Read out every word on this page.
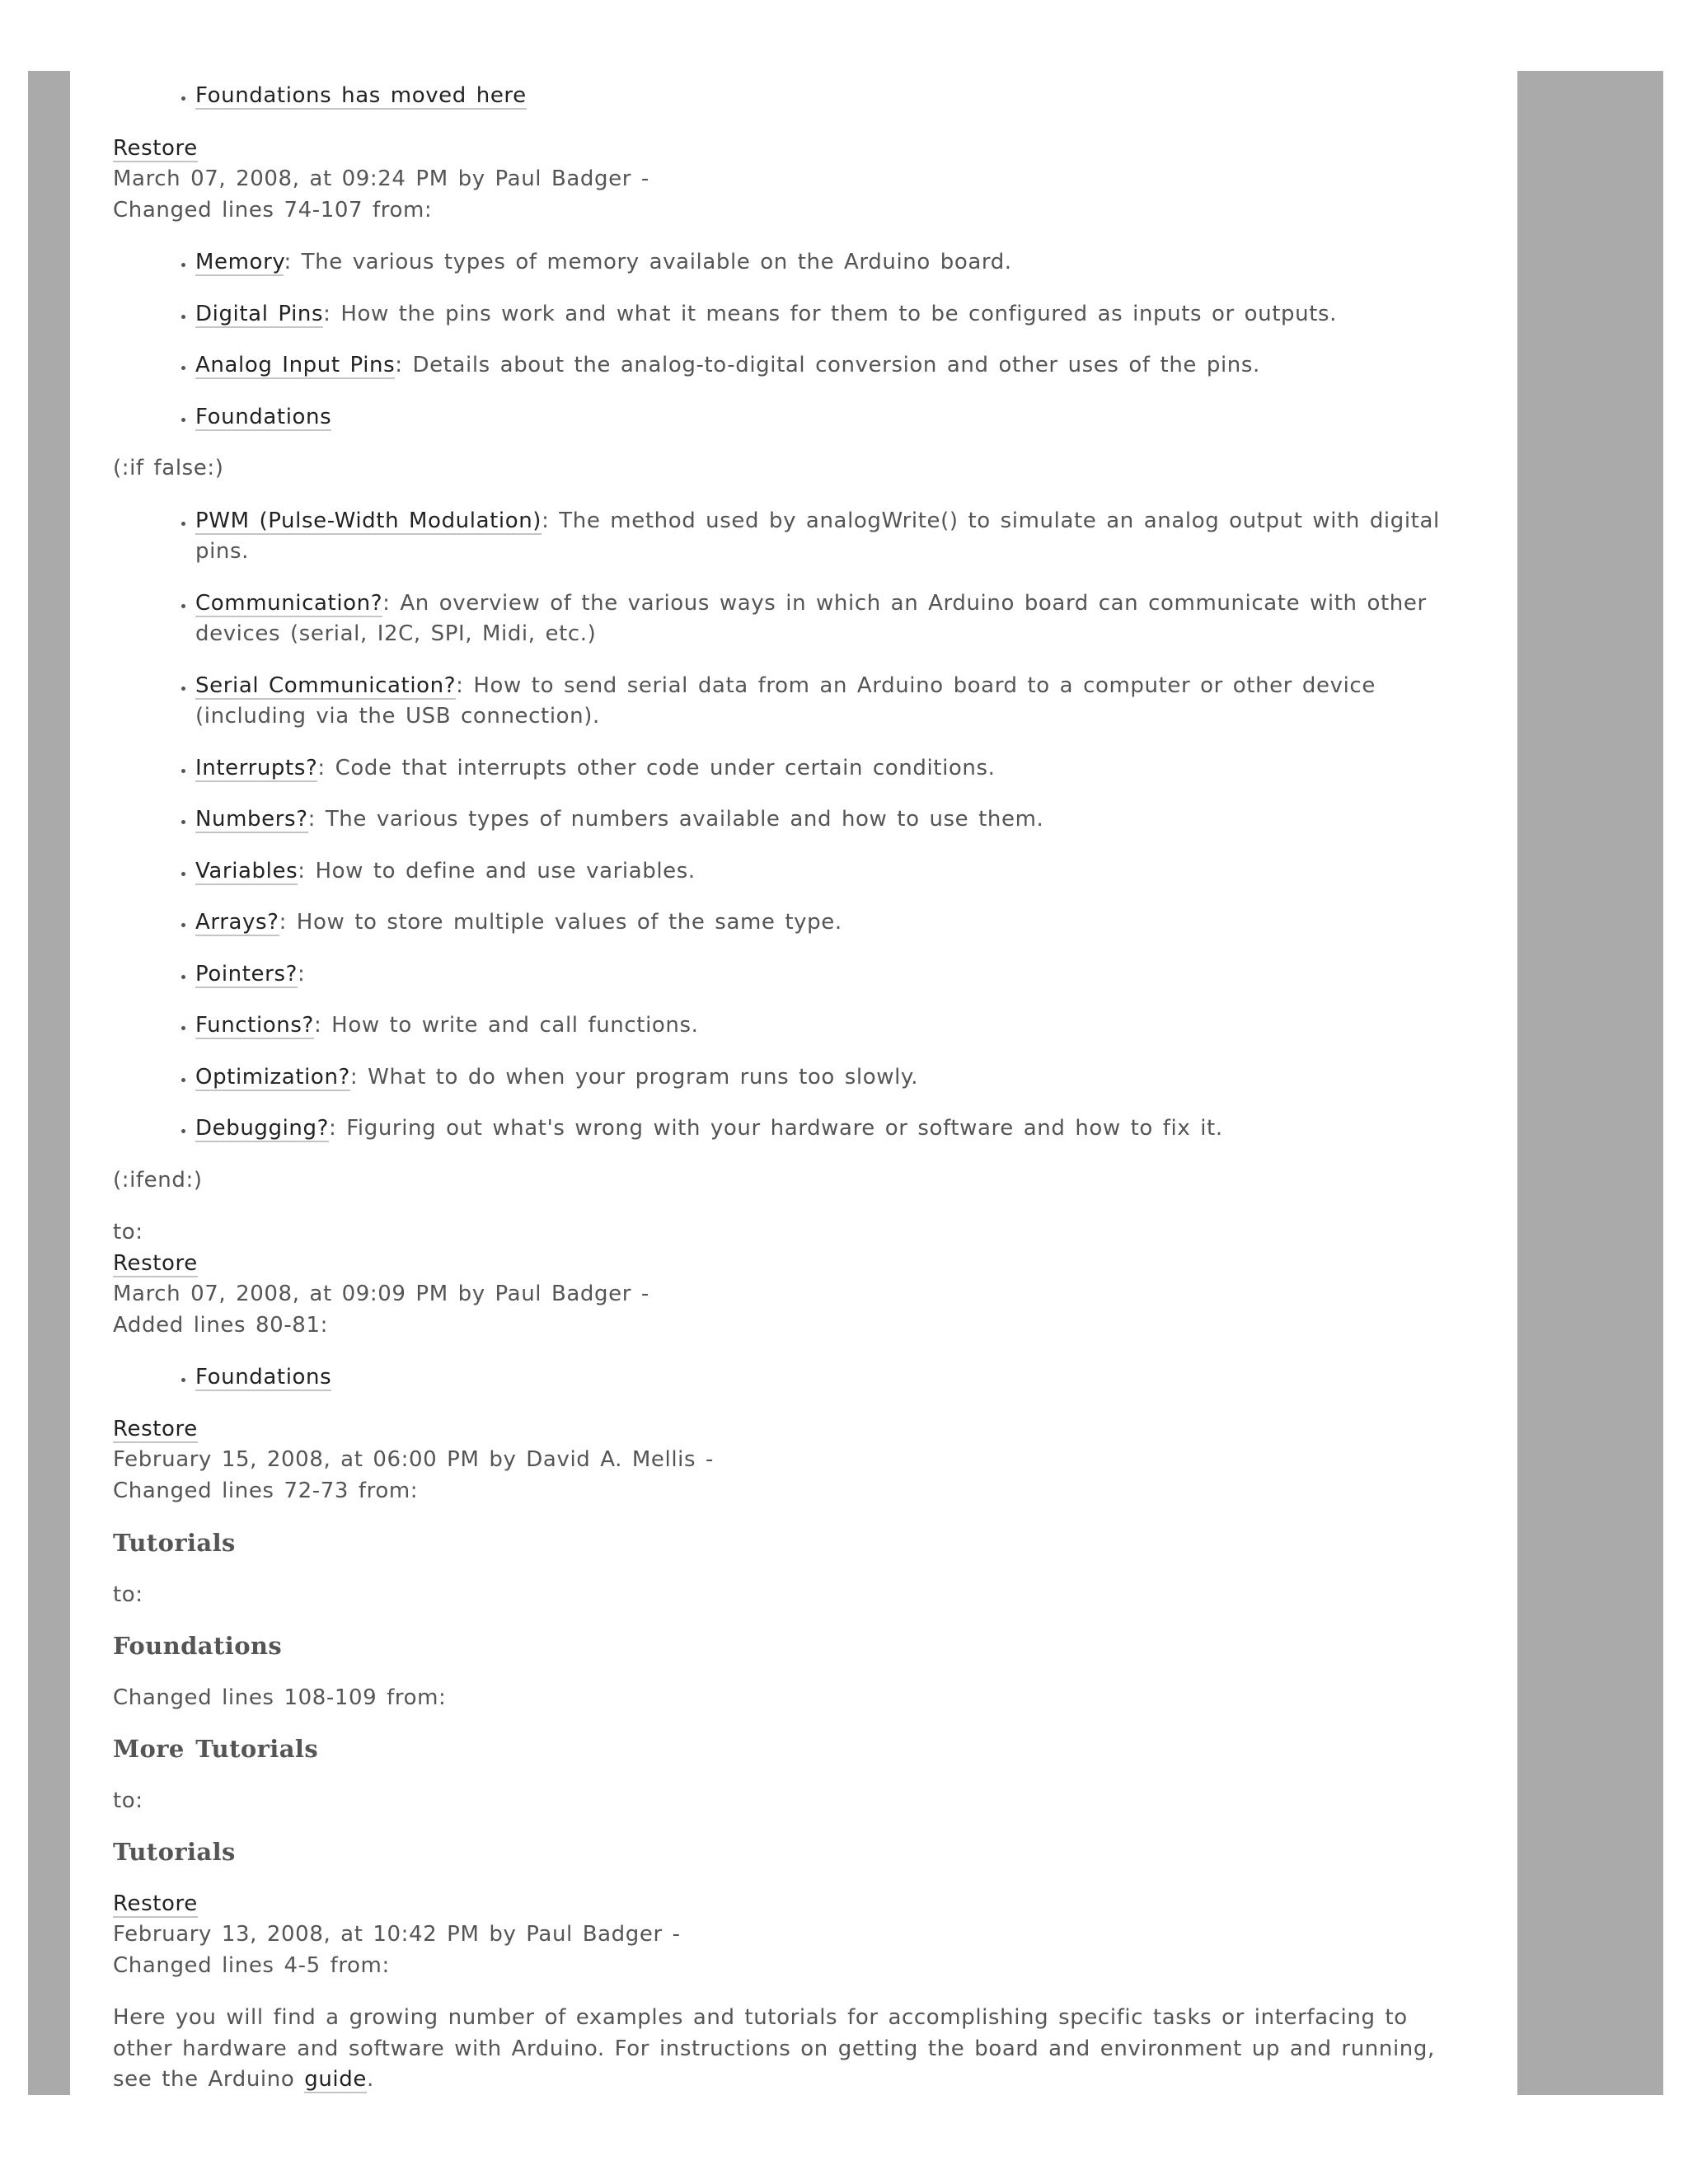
• Foundations has moved here
Restore
March 07, 2008, at 09:24 PM by Paul Badger -
Changed lines 74-107 from:
• Memory: The various types of memory available on the Arduino board.
• Digital Pins: How the pins work and what it means for them to be configured as inputs or outputs.
• Analog Input Pins: Details about the analog-to-digital conversion and other uses of the pins.
• Foundations
(:if false:)
• PWM (Pulse-Width Modulation): The method used by analogWrite() to simulate an analog output with digital pins.
• Communication?: An overview of the various ways in which an Arduino board can communicate with other devices (serial, I2C, SPI, Midi, etc.)
• Serial Communication?: How to send serial data from an Arduino board to a computer or other device (including via the USB connection).
• Interrupts?: Code that interrupts other code under certain conditions.
• Numbers?: The various types of numbers available and how to use them.
• Variables: How to define and use variables.
• Arrays?: How to store multiple values of the same type.
• Pointers?:
• Functions?: How to write and call functions.
• Optimization?: What to do when your program runs too slowly.
• Debugging?: Figuring out what's wrong with your hardware or software and how to fix it.
(:ifend:)
to:
Restore
March 07, 2008, at 09:09 PM by Paul Badger -
Added lines 80-81:
• Foundations
Restore
February 15, 2008, at 06:00 PM by David A. Mellis -
Changed lines 72-73 from:
Tutorials
to:
Foundations
Changed lines 108-109 from:
More Tutorials
to:
Tutorials
Restore
February 13, 2008, at 10:42 PM by Paul Badger -
Changed lines 4-5 from:
Here you will find a growing number of examples and tutorials for accomplishing specific tasks or interfacing to other hardware and software with Arduino. For instructions on getting the board and environment up and running, see the Arduino guide.
